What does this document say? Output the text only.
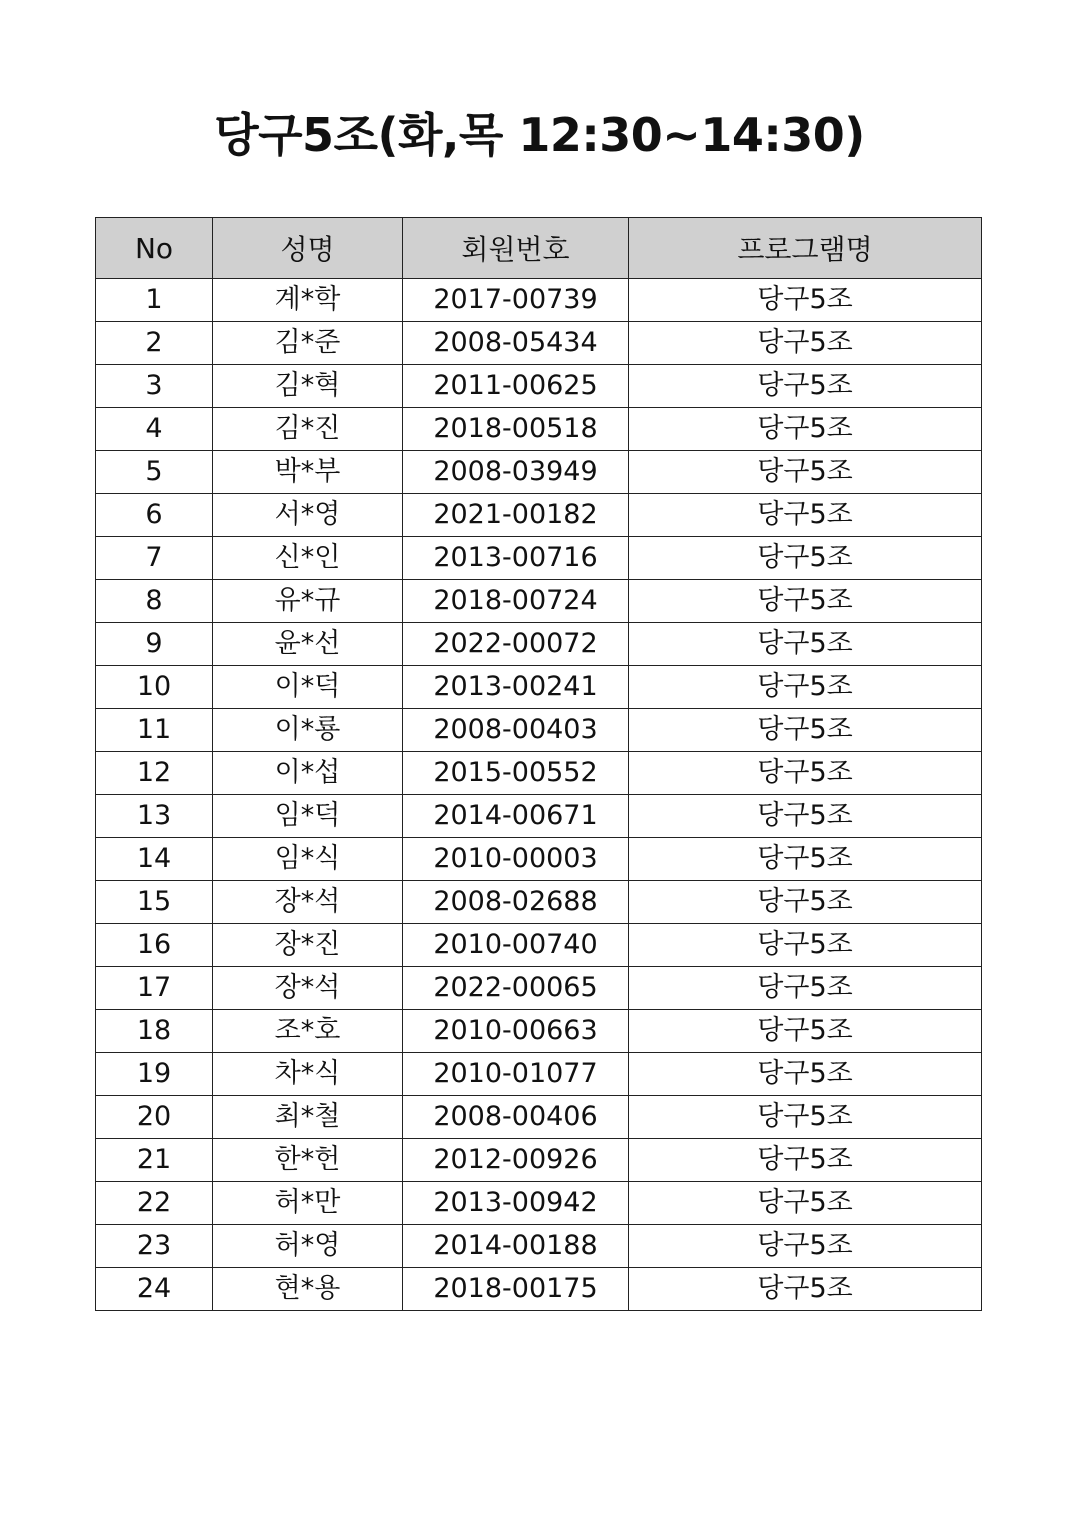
당구5조(화,목 12:30~14:30)
No	성명	회원번호	프로그램명
1	계*학	2017-00739	당구5조
2	김*준	2008-05434	당구5조
3	김*혁	2011-00625	당구5조
4	김*진	2018-00518	당구5조
5	박*부	2008-03949	당구5조
6	서*영	2021-00182	당구5조
7	신*인	2013-00716	당구5조
8	유*규	2018-00724	당구5조
9	윤*선	2022-00072	당구5조
10	이*덕	2013-00241	당구5조
11	이*룡	2008-00403	당구5조
12	이*섭	2015-00552	당구5조
13	임*덕	2014-00671	당구5조
14	임*식	2010-00003	당구5조
15	장*석	2008-02688	당구5조
16	장*진	2010-00740	당구5조
17	장*석	2022-00065	당구5조
18	조*호	2010-00663	당구5조
19	차*식	2010-01077	당구5조
20	최*철	2008-00406	당구5조
21	한*헌	2012-00926	당구5조
22	허*만	2013-00942	당구5조
23	허*영	2014-00188	당구5조
24	현*용	2018-00175	당구5조
